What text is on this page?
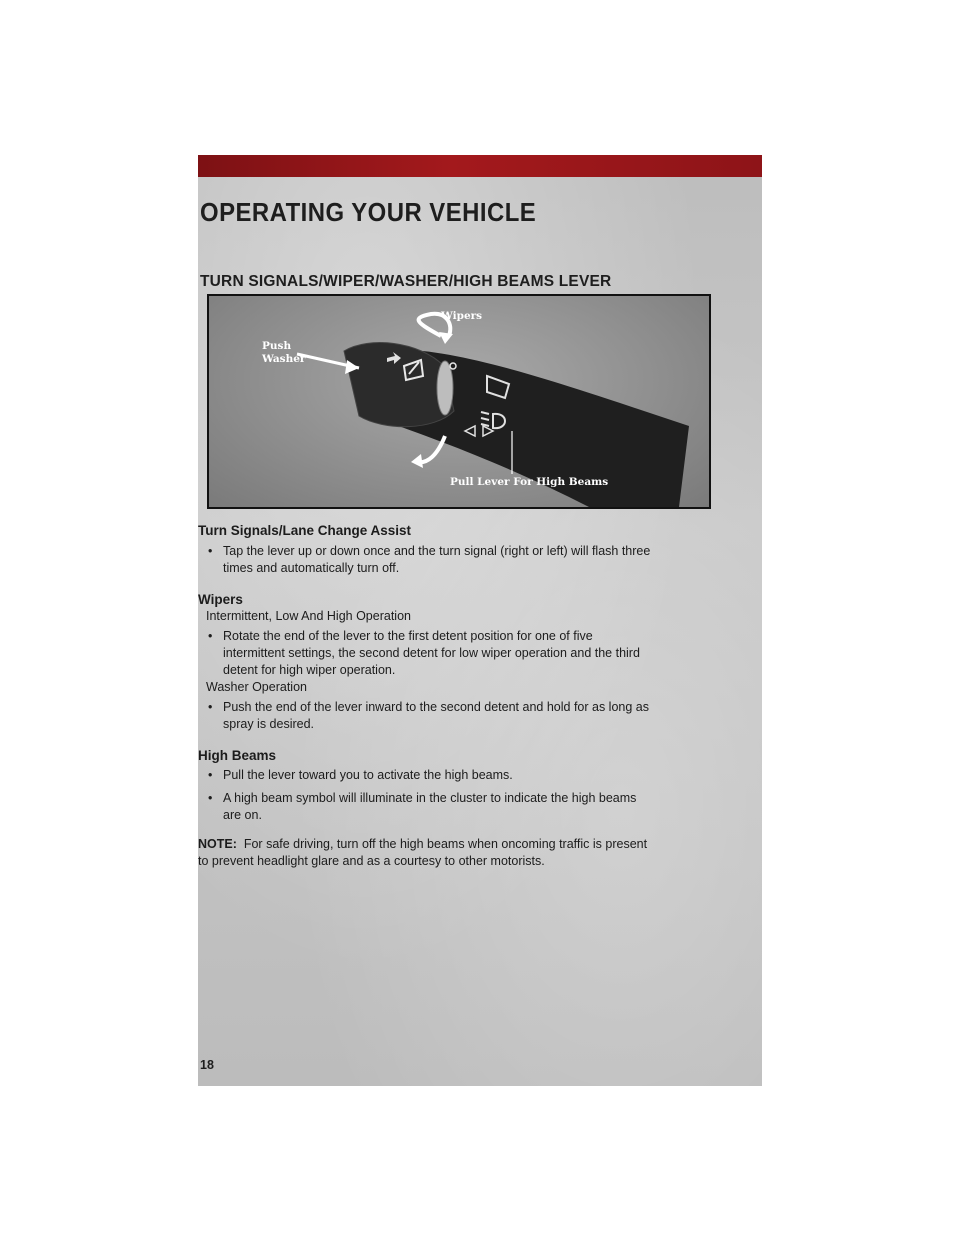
OPERATING YOUR VEHICLE
TURN SIGNALS/WIPER/WASHER/HIGH BEAMS LEVER
Push
Washer
Wipers
Pull Lever For High Beams
Turn Signals/Lane Change Assist

• Tap the lever up or down once and the turn signal (right or left) will flash three
times and automatically turn off.

Wipers

Intermittent, Low And High Operation

• Rotate the end of the lever to the first detent position for one of five
intermittent settings, the second detent for low wiper operation and the third
detent for high wiper operation.

Washer Operation

• Push the end of the lever inward to the second detent and hold for as long as
spray is desired.

High Beams

• Pull the lever toward you to activate the high beams.

• A high beam symbol will illuminate in the cluster to indicate the high beams
are on.

NOTE: For safe driving, turn off the high beams when oncoming traffic is present
to prevent headlight glare and as a courtesy to other motorists.

18
